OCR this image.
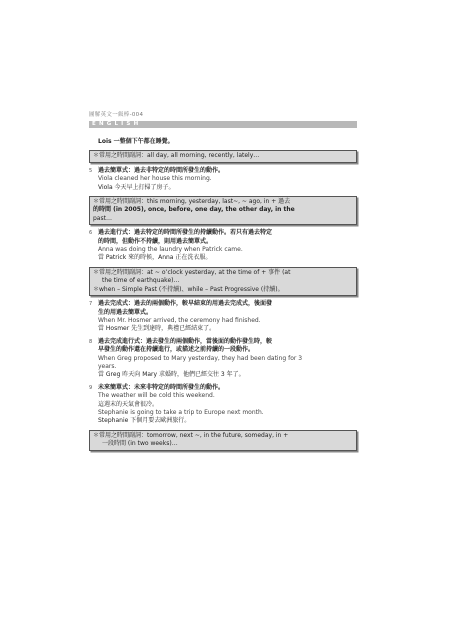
圖解英文一級棒-004
ENGLISH
Lois 一整個下午都在睡覺。
＊常用之時間副詞：all day, all morning, recently, lately…
5 過去簡單式：過去非特定的時間所發生的動作。
Viola cleaned her house this morning.
Viola 今天早上打掃了房子。
＊常用之時間副詞：this morning, yesterday, last~, ~ ago, in + 過去
的時間 (in 2005), once, before, one day, the other day, in the
past…
6 過去進行式：過去特定的時間所發生的持續動作。若只有過去特定
的時間，但動作不持續，則用過去簡單式。
Anna was doing the laundry when Patrick came.
當 Patrick 來的時候，Anna 正在洗衣服。
＊常用之時間副詞：at ~ o’clock yesterday, at the time of + 事件 (at
the time of earthquake)…
＊when – Simple Past (不持續)、while – Past Progressive (持續)。
7 過去完成式：過去的兩個動作，較早結束的用過去完成式，後面發
生的用過去簡單式。
When Mr. Hosmer arrived, the ceremony had finished.
當 Hosmer 先生到達時，典禮已經結束了。
8 過去完成進行式：過去發生的兩個動作，當後面的動作發生時，較
早發生的動作還在持續進行，或描述之前持續的一段動作。
When Greg proposed to Mary yesterday, they had been dating for 3
years.
當 Greg 昨天向 Mary 求婚時，他們已經交往 3 年了。
9 未來簡單式：未來非特定的時間所發生的動作。
The weather will be cold this weekend.
這週末的天氣會很冷。
Stephanie is going to take a trip to Europe next month.
Stephanie 下個月要去歐洲旅行。
＊常用之時間副詞：tomorrow, next ~, in the future, someday, in +
一段時間 (in two weeks)…
